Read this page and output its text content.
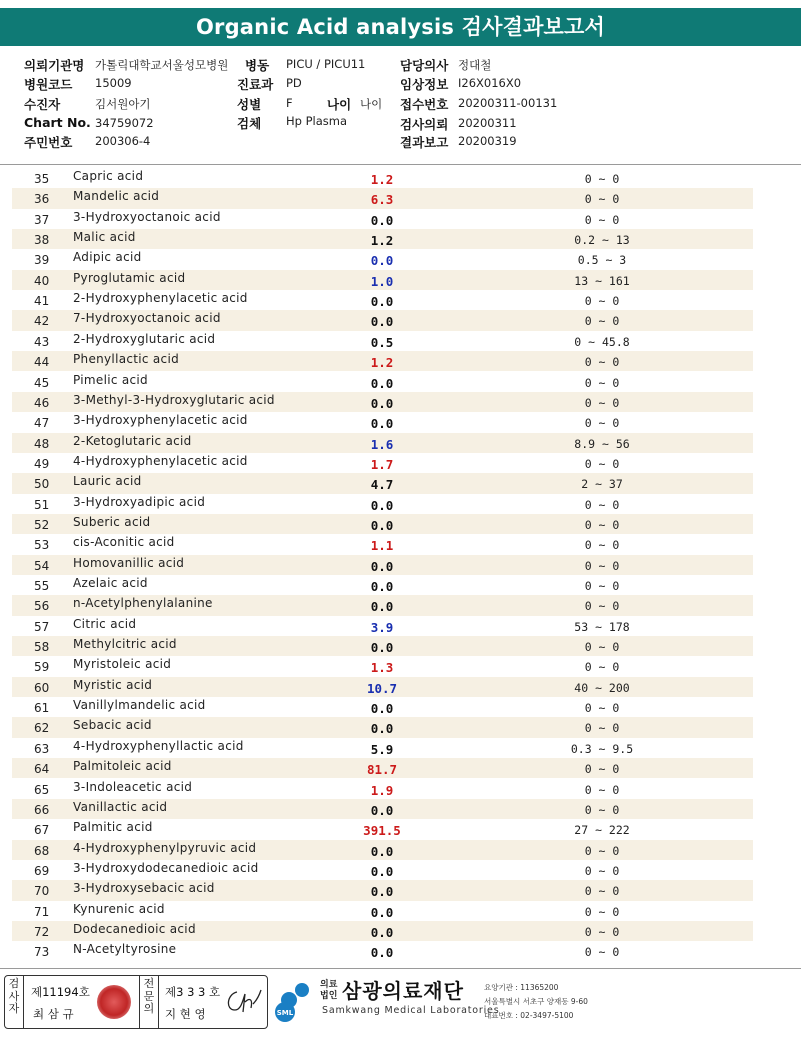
Organic Acid analysis 검사결과보고서
의뢰기관명 가톨릭대학교서울성모병원 병동 PICU / PICU11	담당의사 정대철
병원코드 15009	진료과 PD	임상정보 I26X016X0
수진자	김서원아기	성별 F	나이 나이 접수번호 20200311-00131
Chart No. 34759072	검체 Hp Plasma	검사의뢰 20200311
주민번호 200306-4	결과보고 20200319
35	Capric acid	1.2	0 ~ 0
36	Mandelic acid	6.3	0 ~ 0
37	3-Hydroxyoctanoic acid	0.0	0 ~ 0
38	Malic acid	1.2	0.2 ~ 13
39	Adipic acid	0.0	0.5 ~ 3
40	Pyroglutamic acid	1.0	13 ~ 161
41	2-Hydroxyphenylacetic acid	0.0	0 ~ 0
42	7-Hydroxyoctanoic acid	0.0	0 ~ 0
43	2-Hydroxyglutaric acid	0.5	0 ~ 45.8
44	Phenyllactic acid	1.2	0 ~ 0
45	Pimelic acid	0.0	0 ~ 0
46	3-Methyl-3-Hydroxyglutaric acid	0.0	0 ~ 0
47	3-Hydroxyphenylacetic acid	0.0	0 ~ 0
48	2-Ketoglutaric acid	1.6	8.9 ~ 56
49	4-Hydroxyphenylacetic acid	1.7	0 ~ 0
50	Lauric acid	4.7	2 ~ 37
51	3-Hydroxyadipic acid	0.0	0 ~ 0
52	Suberic acid	0.0	0 ~ 0
53	cis-Aconitic acid	1.1	0 ~ 0
54	Homovanillic acid	0.0	0 ~ 0
55	Azelaic acid	0.0	0 ~ 0
56	n-Acetylphenylalanine	0.0	0 ~ 0
57	Citric acid	3.9	53 ~ 178
58	Methylcitric acid	0.0	0 ~ 0
59	Myristoleic acid	1.3	0 ~ 0
60	Myristic acid	10.7	40 ~ 200
61	Vanillylmandelic acid	0.0	0 ~ 0
62	Sebacic acid	0.0	0 ~ 0
63	4-Hydroxyphenyllactic acid	5.9	0.3 ~ 9.5
64	Palmitoleic acid	81.7	0 ~ 0
65	3-Indoleacetic acid	1.9	0 ~ 0
66	Vanillactic acid	0.0	0 ~ 0
67	Palmitic acid	391.5	27 ~ 222
68	4-Hydroxyphenylpyruvic acid	0.0	0 ~ 0
69	3-Hydroxydodecanedioic acid	0.0	0 ~ 0
70	3-Hydroxysebacic acid	0.0	0 ~ 0
71	Kynurenic acid	0.0	0 ~ 0
72	Dodecanedioic acid	0.0	0 ~ 0
73	N-Acetyltyrosine	0.0	0 ~ 0
검
사
자
제11194호
최 삼 규
전
문
의
제3 3 3 호
지 현 영	SML
의료
법인 삼광의료재단
Samkwang Medical Laboratories
요양기관 : 11365200
서울특별시 서초구 양재동 9-60
대표번호 : 02-3497-5100
